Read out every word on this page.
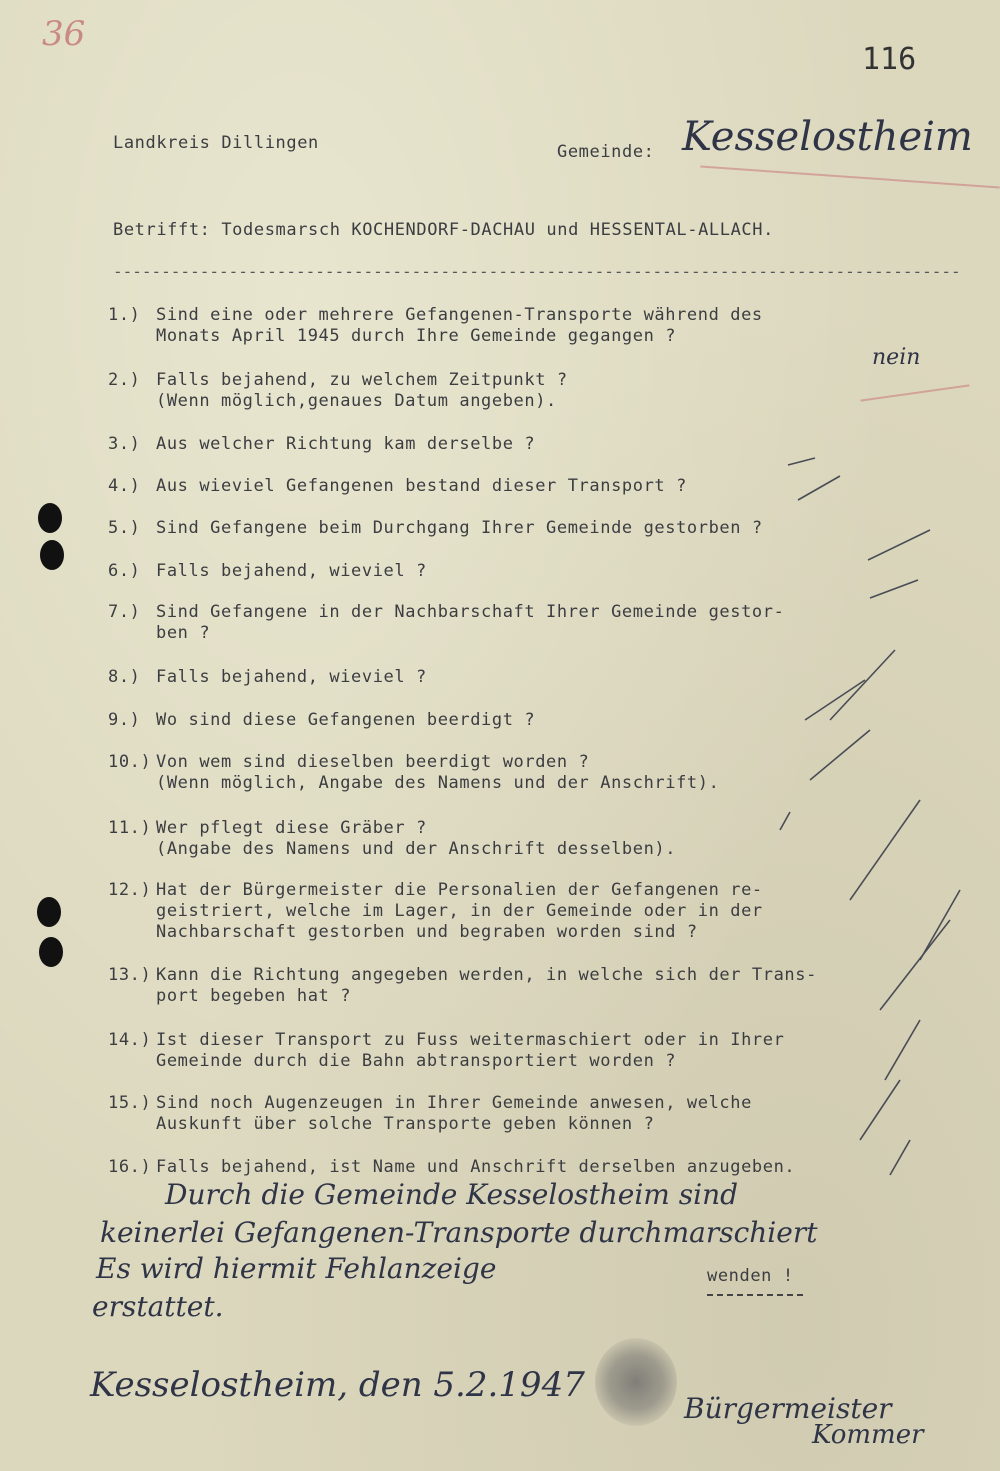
36
116
Landkreis Dillingen	Gemeinde: Kesselostheim
Betrifft: Todesmarsch KOCHENDORF-DACHAU und HESSENTAL-ALLACH.
----------------------------------------------------------------------------------------
1.) Sind eine oder mehrere Gefangenen-Transporte während des
Monats April 1945 durch Ihre Gemeinde gegangen ?
2.) Falls bejahend, zu welchem Zeitpunkt ?
(Wenn möglich,genaues Datum angeben).
3.) Aus welcher Richtung kam derselbe ?
4.) Aus wieviel Gefangenen bestand dieser Transport ?
5.) Sind Gefangene beim Durchgang Ihrer Gemeinde gestorben ?
6.) Falls bejahend, wieviel ?
7.) Sind Gefangene in der Nachbarschaft Ihrer Gemeinde gestor-
ben ?
8.) Falls bejahend, wieviel ?
9.) Wo sind diese Gefangenen beerdigt ?
10.) Von wem sind dieselben beerdigt worden ?
(Wenn möglich, Angabe des Namens und der Anschrift).
11.) Wer pflegt diese Gräber ?
(Angabe des Namens und der Anschrift desselben).
12.) Hat der Bürgermeister die Personalien der Gefangenen re-
geistriert, welche im Lager, in der Gemeinde oder in der
Nachbarschaft gestorben und begraben worden sind ?
13.) Kann die Richtung angegeben werden, in welche sich der Trans-
port begeben hat ?
14.) Ist dieser Transport zu Fuss weitermaschiert oder in Ihrer
Gemeinde durch die Bahn abtransportiert worden ?
15.) Sind noch Augenzeugen in Ihrer Gemeinde anwesen, welche
Auskunft über solche Transporte geben können ?
16.) Falls bejahend, ist Name und Anschrift derselben anzugeben.
nein
Durch die Gemeinde Kesselostheim sind
keinerlei Gefangenen-Transporte durchmarschiert
Es wird hiermit Fehlanzeige
erstattet.
wenden !
Kesselostheim, den 5.2.1947
Bürgermeister
Kommer
